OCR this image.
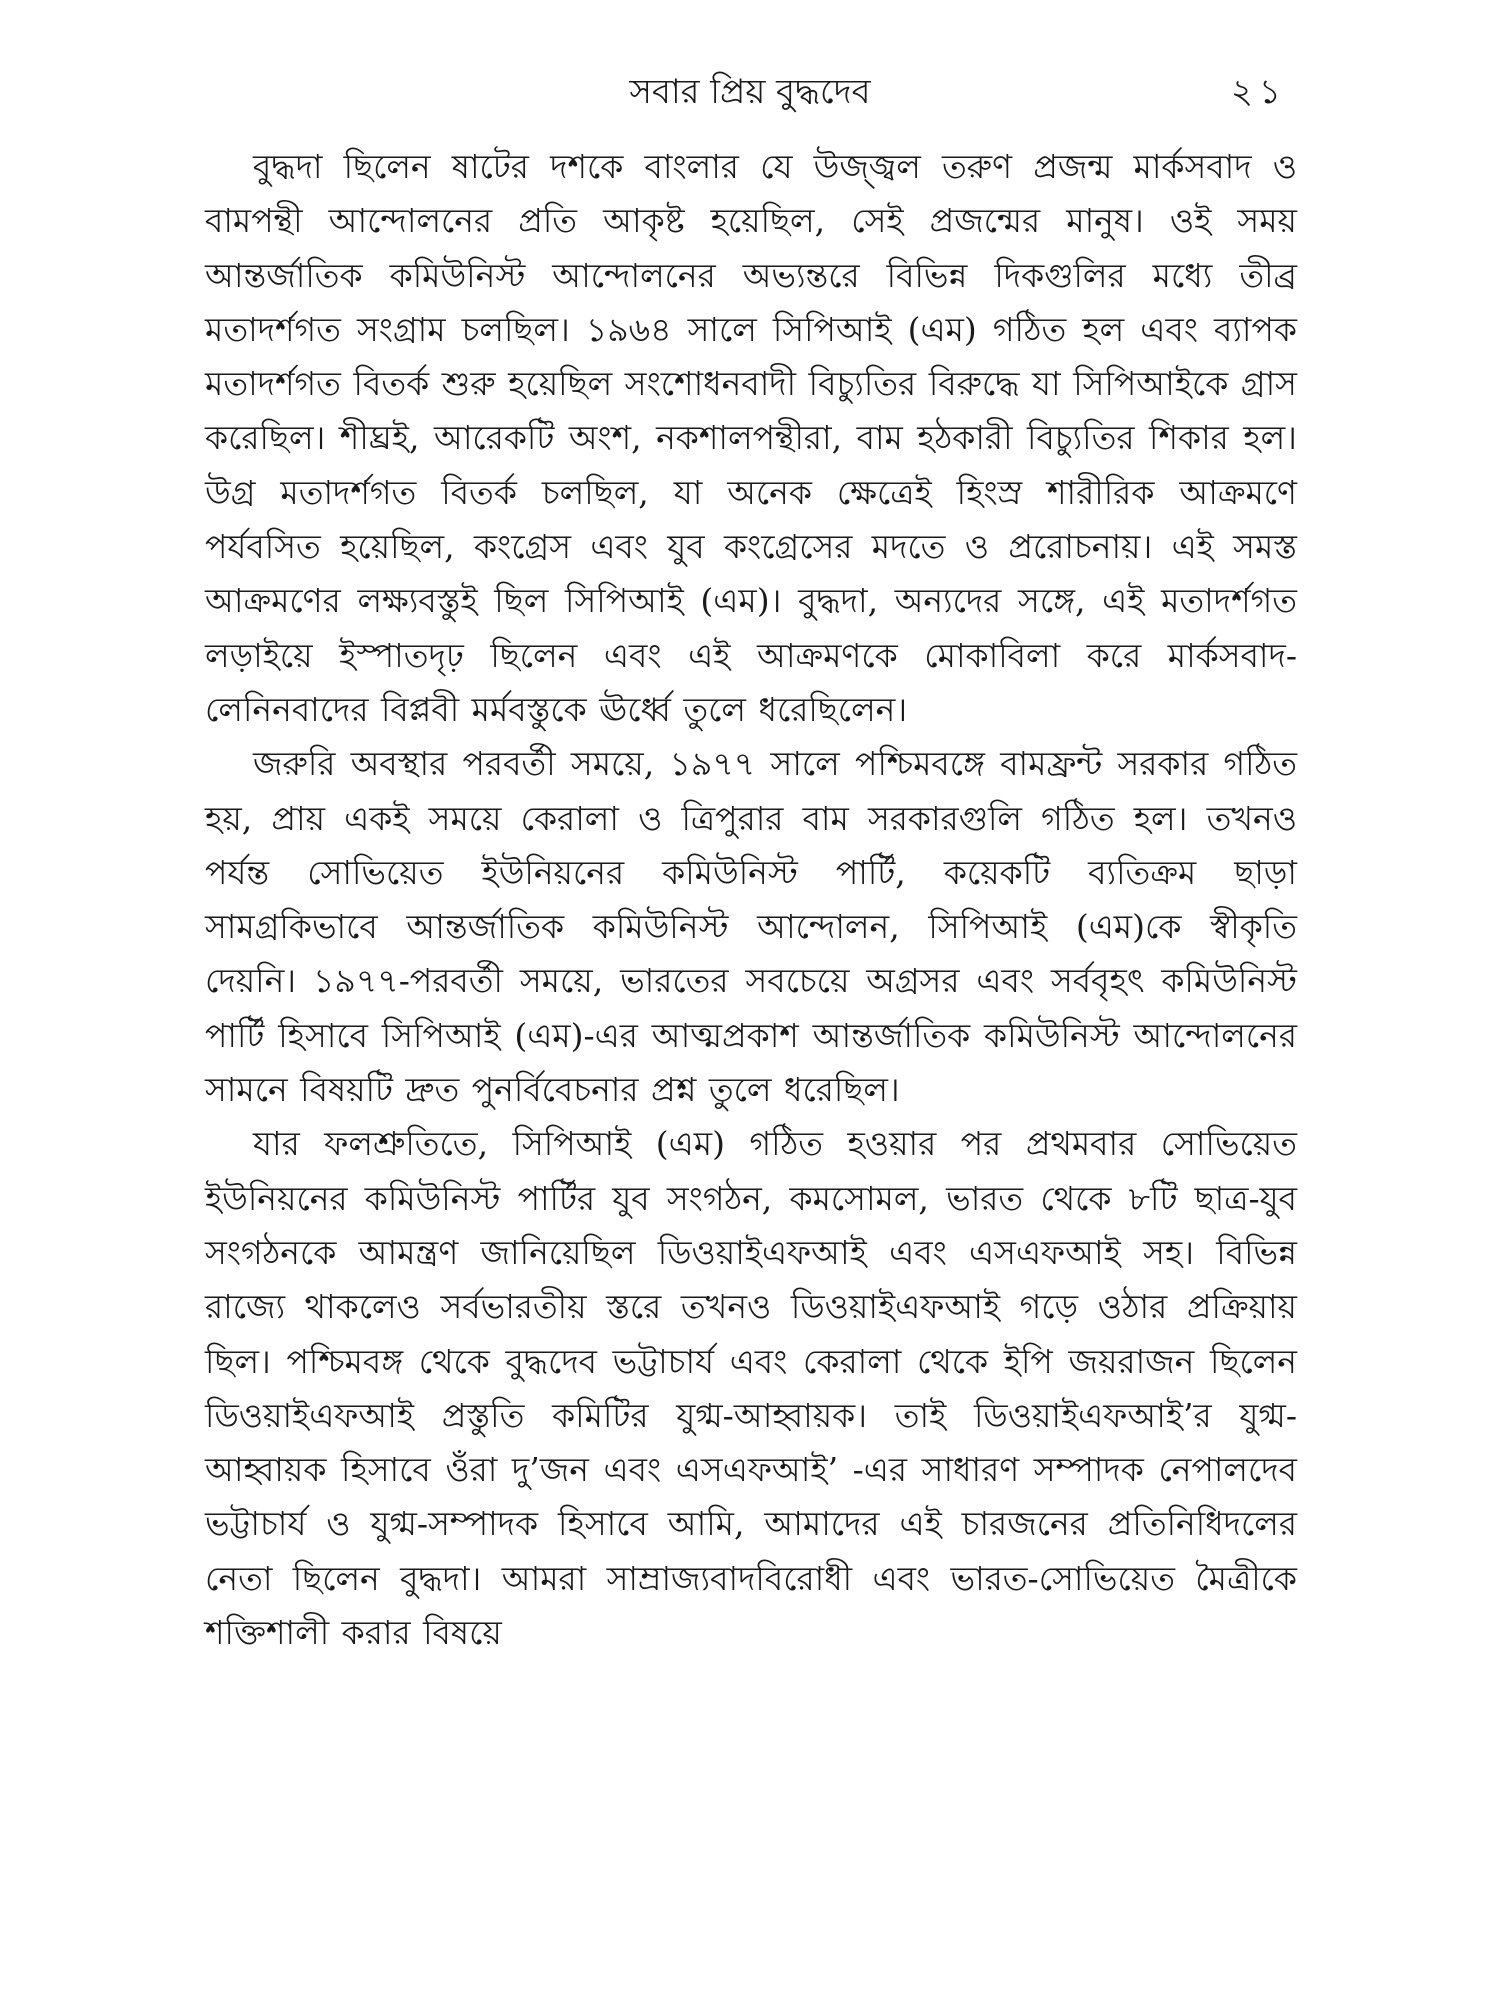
সবার প্রিয় বুদ্ধদেব	২১

বুদ্ধদা ছিলেন ষাটের দশকে বাংলার যে উজ্জ্বল তরুণ প্রজন্ম মার্কসবাদ ও বামপন্থী আন্দোলনের প্রতি আকৃষ্ট হয়েছিল, সেই প্রজন্মের মানুষ। ওই সময় আন্তর্জাতিক কমিউনিস্ট আন্দোলনের অভ্যন্তরে বিভিন্ন দিকগুলির মধ্যে তীব্র মতাদর্শগত সংগ্রাম চলছিল। ১৯৬৪ সালে সিপিআই (এম) গঠিত হল এবং ব্যাপক মতাদর্শগত বিতর্ক শুরু হয়েছিল সংশোধনবাদী বিচ্যুতির বিরুদ্ধে যা সিপিআইকে গ্রাস করেছিল। শীঘ্রই, আরেকটি অংশ, নকশালপন্থীরা, বাম হঠকারী বিচ্যুতির শিকার হল। উগ্র মতাদর্শগত বিতর্ক চলছিল, যা অনেক ক্ষেত্রেই হিংস্র শারীরিক আক্রমণে পর্যবসিত হয়েছিল, কংগ্রেস এবং যুব কংগ্রেসের মদতে ও প্ররোচনায়। এই সমস্ত আক্রমণের লক্ষ্যবস্তুই ছিল সিপিআই (এম)। বুদ্ধদা, অন্যদের সঙ্গে, এই মতাদর্শগত লড়াইয়ে ইস্পাতদৃঢ় ছিলেন এবং এই আক্রমণকে মোকাবিলা করে মার্কসবাদ-লেনিনবাদের বিপ্লবী মর্মবস্তুকে ঊর্ধ্বে তুলে ধরেছিলেন।

জরুরি অবস্থার পরবর্তী সময়ে, ১৯৭৭ সালে পশ্চিমবঙ্গে বামফ্রন্ট সরকার গঠিত হয়, প্রায় একই সময়ে কেরালা ও ত্রিপুরার বাম সরকারগুলি গঠিত হল। তখনও পর্যন্ত সোভিয়েত ইউনিয়নের কমিউনিস্ট পার্টি, কয়েকটি ব্যতিক্রম ছাড়া সামগ্রকিভাবে আন্তর্জাতিক কমিউনিস্ট আন্দোলন, সিপিআই (এম)কে স্বীকৃতি দেয়নি। ১৯৭৭-পরবর্তী সময়ে, ভারতের সবচেয়ে অগ্রসর এবং সর্ববৃহৎ কমিউনিস্ট পার্টি হিসাবে সিপিআই (এম)-এর আত্মপ্রকাশ আন্তর্জাতিক কমিউনিস্ট আন্দোলনের সামনে বিষয়টি দ্রুত পুনর্বিবেচনার প্রশ্ন তুলে ধরেছিল।

যার ফলশ্রুতিতে, সিপিআই (এম) গঠিত হওয়ার পর প্রথমবার সোভিয়েত ইউনিয়নের কমিউনিস্ট পার্টির যুব সংগঠন, কমসোমল, ভারত থেকে ৮টি ছাত্র-যুব সংগঠনকে আমন্ত্রণ জানিয়েছিল ডিওয়াইএফআই এবং এসএফআই সহ। বিভিন্ন রাজ্যে থাকলেও সর্বভারতীয় স্তরে তখনও ডিওয়াইএফআই গড়ে ওঠার প্রক্রিয়ায় ছিল। পশ্চিমবঙ্গ থেকে বুদ্ধদেব ভট্টাচার্য এবং কেরালা থেকে ইপি জয়রাজন ছিলেন ডিওয়াইএফআই প্রস্তুতি কমিটির যুগ্ম-আহ্বায়ক। তাই ডিওয়াইএফআই’র যুগ্ম-আহ্বায়ক হিসাবে ওঁরা দু’জন এবং এসএফআই’ -এর সাধারণ সম্পাদক নেপালদেব ভট্টাচার্য ও যুগ্ম-সম্পাদক হিসাবে আমি, আমাদের এই চারজনের প্রতিনিধিদলের নেতা ছিলেন বুদ্ধদা। আমরা সাম্রাজ্যবাদবিরোধী এবং ভারত-সোভিয়েত মৈত্রীকে শক্তিশালী করার বিষয়ে
